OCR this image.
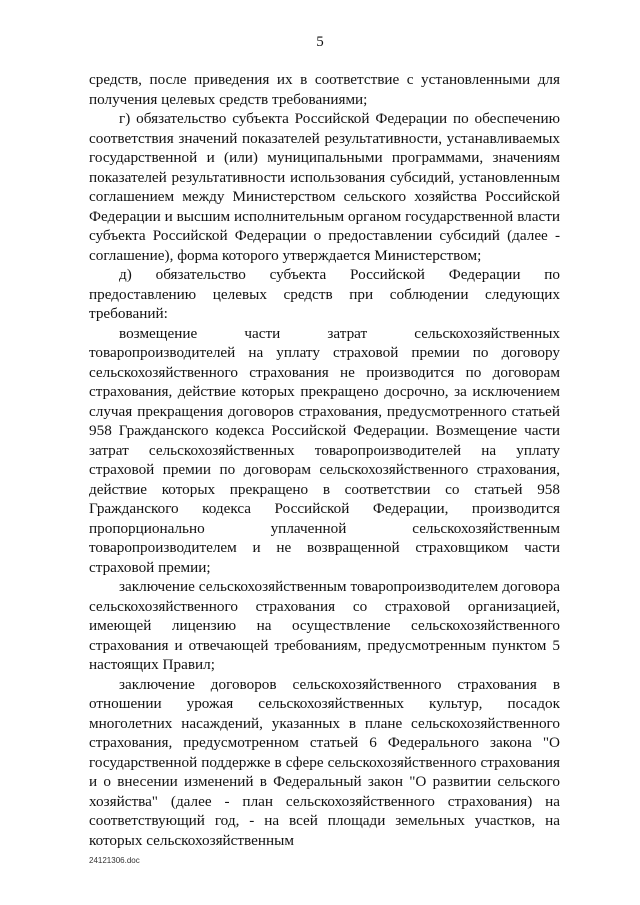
5

средств, после приведения их в соответствие с установленными для получения целевых средств требованиями;

г) обязательство субъекта Российской Федерации по обеспечению соответствия значений показателей результативности, устанавливаемых государственной и (или) муниципальными программами, значениям показателей результативности использования субсидий, установленным соглашением между Министерством сельского хозяйства Российской Федерации и высшим исполнительным органом государственной власти субъекта Российской Федерации о предоставлении субсидий (далее - соглашение), форма которого утверждается Министерством;

д) обязательство субъекта Российской Федерации по предоставлению целевых средств при соблюдении следующих требований:

возмещение части затрат сельскохозяйственных товаропроизводителей на уплату страховой премии по договору сельскохозяйственного страхования не производится по договорам страхования, действие которых прекращено досрочно, за исключением случая прекращения договоров страхования, предусмотренного статьей 958 Гражданского кодекса Российской Федерации. Возмещение части затрат сельскохозяйственных товаропроизводителей на уплату страховой премии по договорам сельскохозяйственного страхования, действие которых прекращено в соответствии со статьей 958 Гражданского кодекса Российской Федерации, производится пропорционально уплаченной сельскохозяйственным товаропроизводителем и не возвращенной страховщиком части страховой премии;

заключение сельскохозяйственным товаропроизводителем договора сельскохозяйственного страхования со страховой организацией, имеющей лицензию на осуществление сельскохозяйственного страхования и отвечающей требованиям, предусмотренным пунктом 5 настоящих Правил;

заключение договоров сельскохозяйственного страхования в отношении урожая сельскохозяйственных культур, посадок многолетних насаждений, указанных в плане сельскохозяйственного страхования, предусмотренном статьей 6 Федерального закона "О государственной поддержке в сфере сельскохозяйственного страхования и о внесении изменений в Федеральный закон "О развитии сельского хозяйства" (далее - план сельскохозяйственного страхования) на соответствующий год, - на всей площади земельных участков, на которых сельскохозяйственным

24121306.doc
